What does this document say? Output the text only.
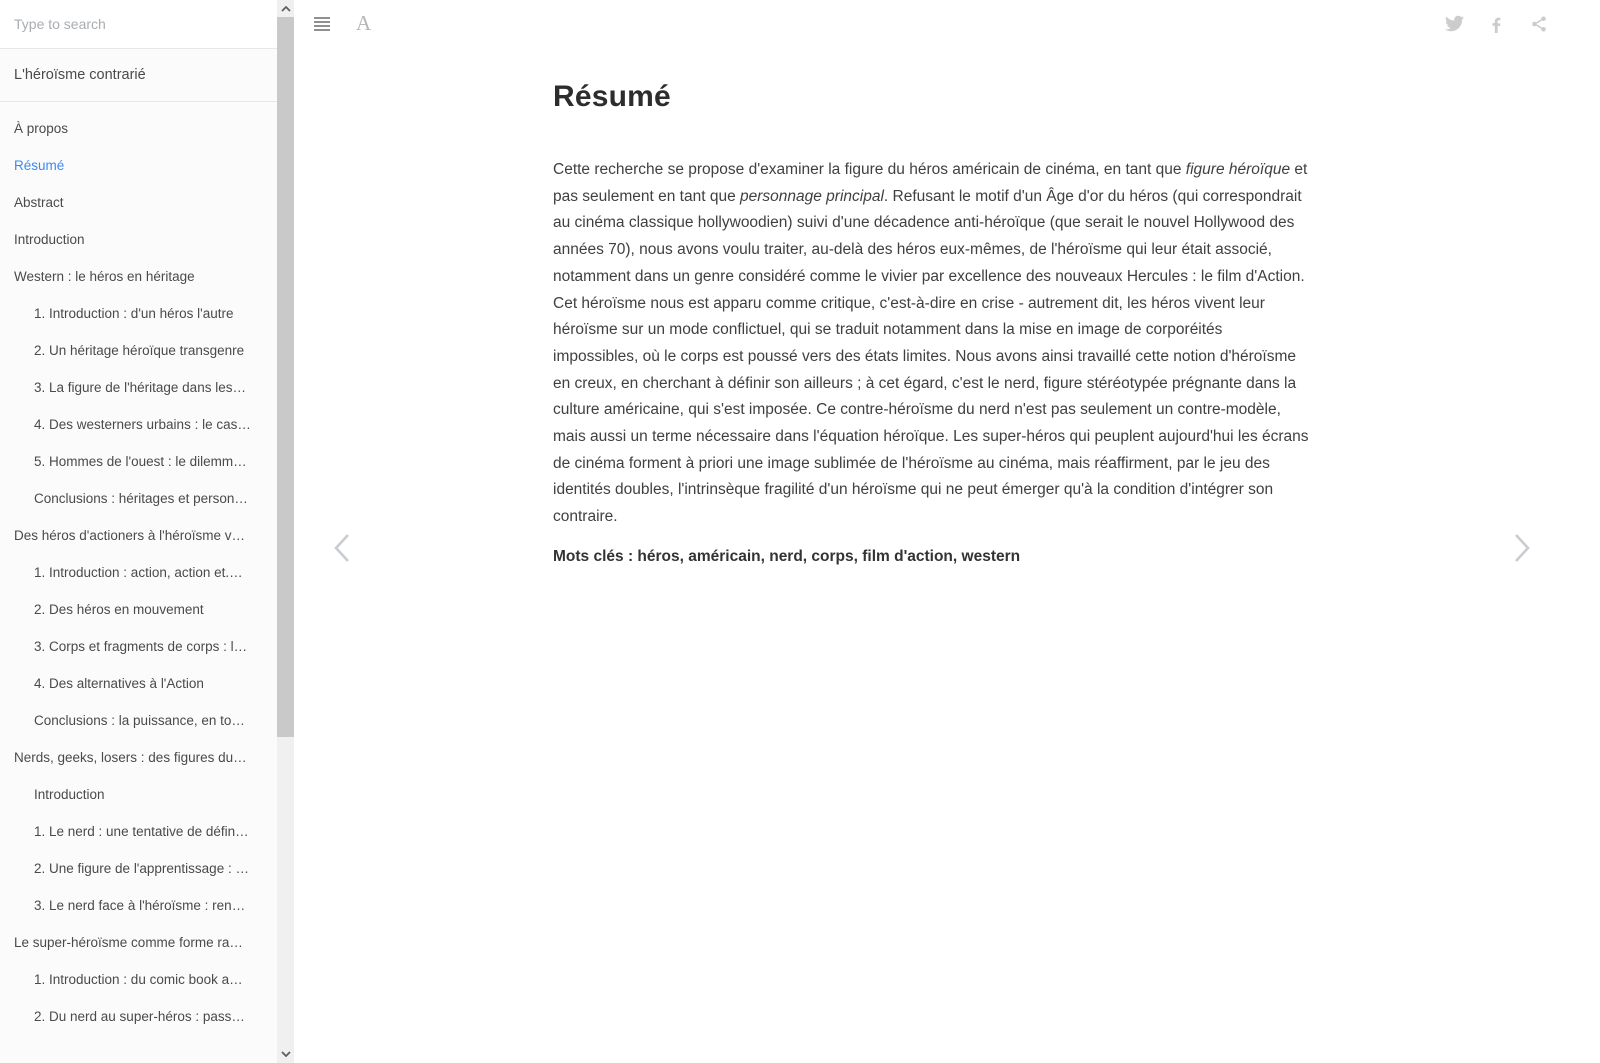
Type to search
L'héroïsme contrarié
À propos
Résumé
Abstract
Introduction
Western : le héros en héritage
1. Introduction : d'un héros l'autre
2. Un héritage héroïque transgenre
3. La figure de l'héritage dans les…
4. Des westerners urbains : le cas…
5. Hommes de l'ouest : le dilemm…
Conclusions : héritages et person…
Des héros d'actioners à l'héroïsme v…
1. Introduction : action, action et.…
2. Des héros en mouvement
3. Corps et fragments de corps : l…
4. Des alternatives à l'Action
Conclusions : la puissance, en to…
Nerds, geeks, losers : des figures du…
Introduction
1. Le nerd : une tentative de défin…
2. Une figure de l'apprentissage : …
3. Le nerd face à l'héroïsme : ren…
Le super-héroïsme comme forme ra…
1. Introduction : du comic book a…
2. Du nerd au super-héros : pass…
A
Résumé

Cette recherche se propose d'examiner la figure du héros américain de cinéma, en tant que figure héroïque et pas seulement en tant que personnage principal. Refusant le motif d'un Âge d'or du héros (qui correspondrait au cinéma classique hollywoodien) suivi d'une décadence anti-héroïque (que serait le nouvel Hollywood des années 70), nous avons voulu traiter, au-delà des héros eux-mêmes, de l'héroïsme qui leur était associé, notamment dans un genre considéré comme le vivier par excellence des nouveaux Hercules : le film d'Action. Cet héroïsme nous est apparu comme critique, c'est-à-dire en crise - autrement dit, les héros vivent leur héroïsme sur un mode conflictuel, qui se traduit notamment dans la mise en image de corporéités impossibles, où le corps est poussé vers des états limites. Nous avons ainsi travaillé cette notion d'héroïsme en creux, en cherchant à définir son ailleurs ; à cet égard, c'est le nerd, figure stéréotypée prégnante dans la culture américaine, qui s'est imposée. Ce contre-héroïsme du nerd n'est pas seulement un contre-modèle, mais aussi un terme nécessaire dans l'équation héroïque. Les super-héros qui peuplent aujourd'hui les écrans de cinéma forment à priori une image sublimée de l'héroïsme au cinéma, mais réaffirment, par le jeu des identités doubles, l'intrinsèque fragilité d'un héroïsme qui ne peut émerger qu'à la condition d'intégrer son contraire.

Mots clés : héros, américain, nerd, corps, film d'action, western
